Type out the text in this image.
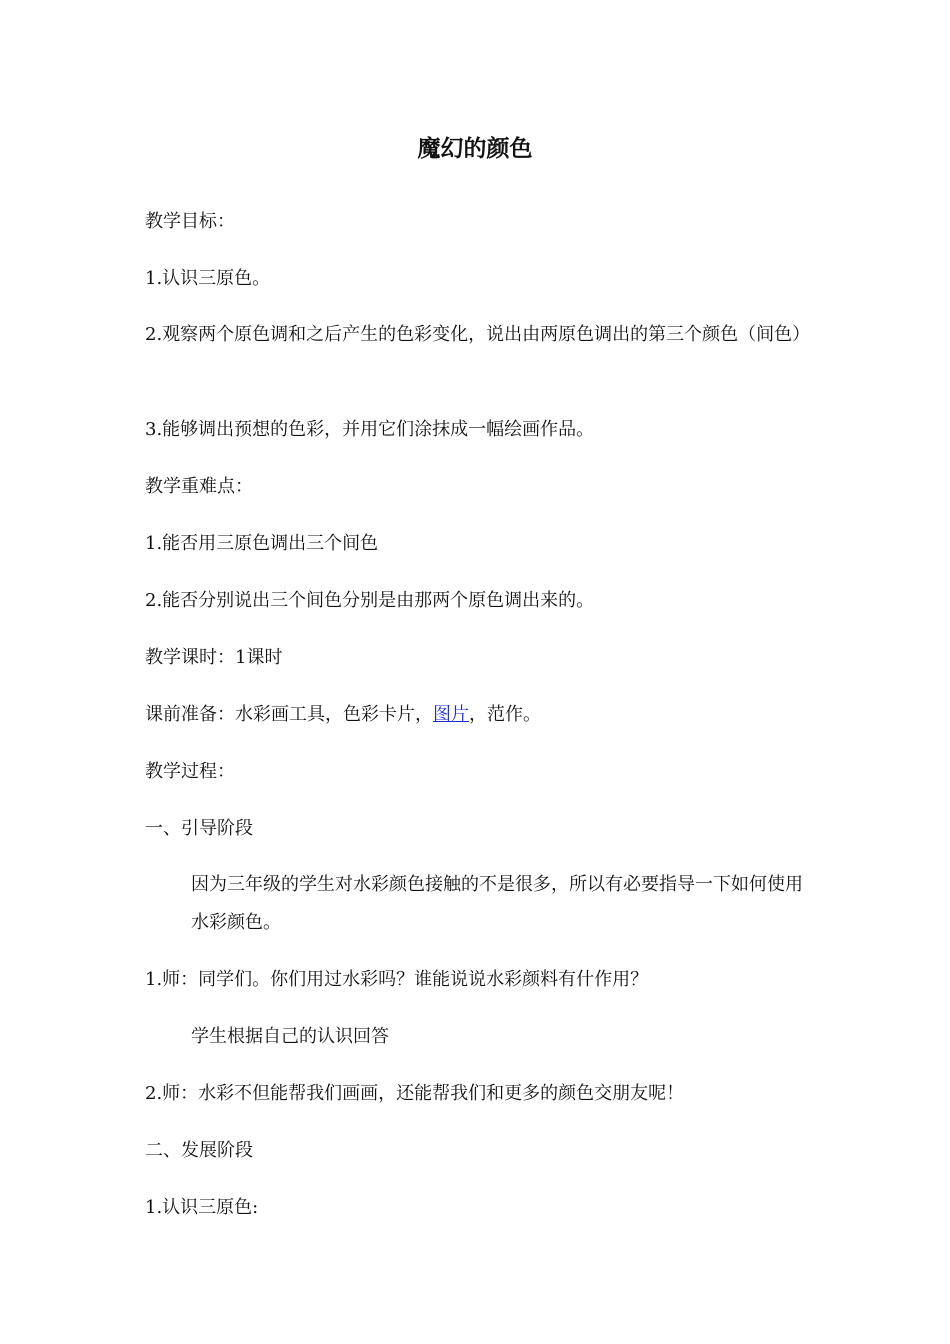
魔幻的颜色

教学目标：

1.认识三原色。

2.观察两个原色调和之后产生的色彩变化，说出由两原色调出的第三个颜色（间色）

3.能够调出预想的色彩，并用它们涂抹成一幅绘画作品。

教学重难点：

1.能否用三原色调出三个间色

2.能否分别说出三个间色分别是由那两个原色调出来的。

教学课时：1课时

课前准备：水彩画工具，色彩卡片，图片，范作。

教学过程：

一、引导阶段

因为三年级的学生对水彩颜色接触的不是很多，所以有必要指导一下如何使用水彩颜色。

1.师：同学们。你们用过水彩吗？谁能说说水彩颜料有什作用？

学生根据自己的认识回答

2.师：水彩不但能帮我们画画，还能帮我们和更多的颜色交朋友呢！

二、发展阶段

1.认识三原色:
